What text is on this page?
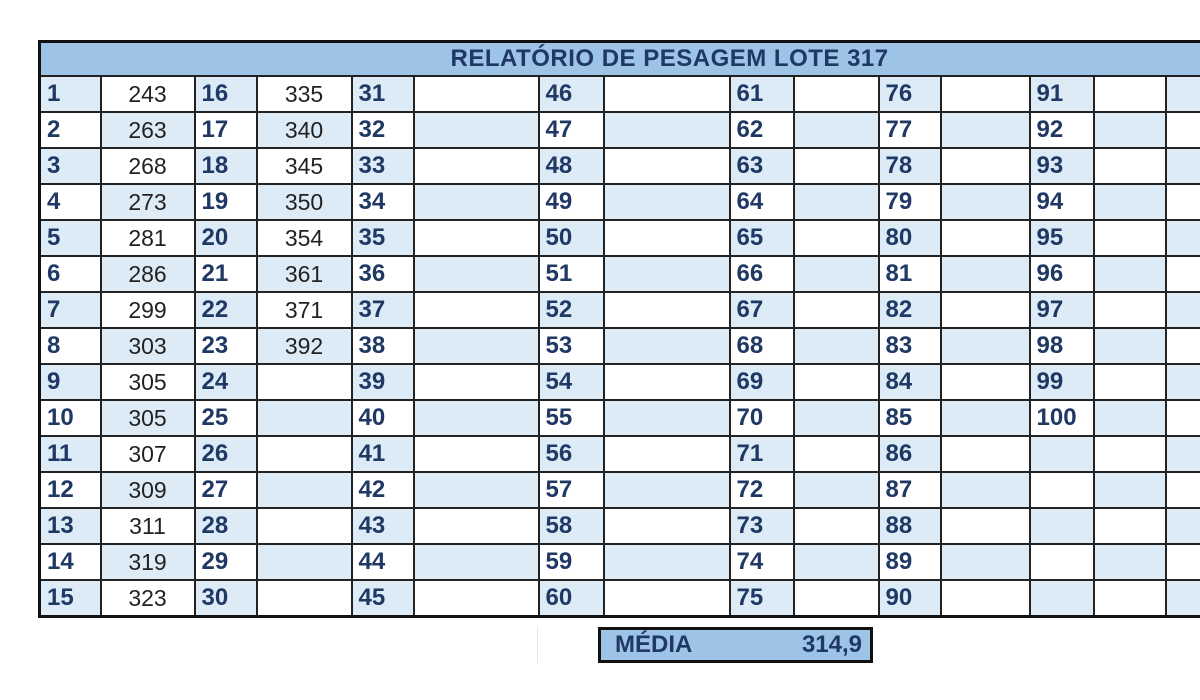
RELATÓRIO DE PESAGEM LOTE 317															
1	243	16	335	31		46		61		76		91			
2	263	17	340	32		47		62		77		92			
3	268	18	345	33		48		63		78		93			
4	273	19	350	34		49		64		79		94			
5	281	20	354	35		50		65		80		95			
6	286	21	361	36		51		66		81		96			
7	299	22	371	37		52		67		82		97			
8	303	23	392	38		53		68		83		98			
9	305	24		39		54		69		84		99			
10	305	25		40		55		70		85		100			
11	307	26		41		56		71		86					
12	309	27		42		57		72		87					
13	311	28		43		58		73		88					
14	319	29		44		59		74		89					
15	323	30		45		60		75		90					
MÉDIA	314,9
